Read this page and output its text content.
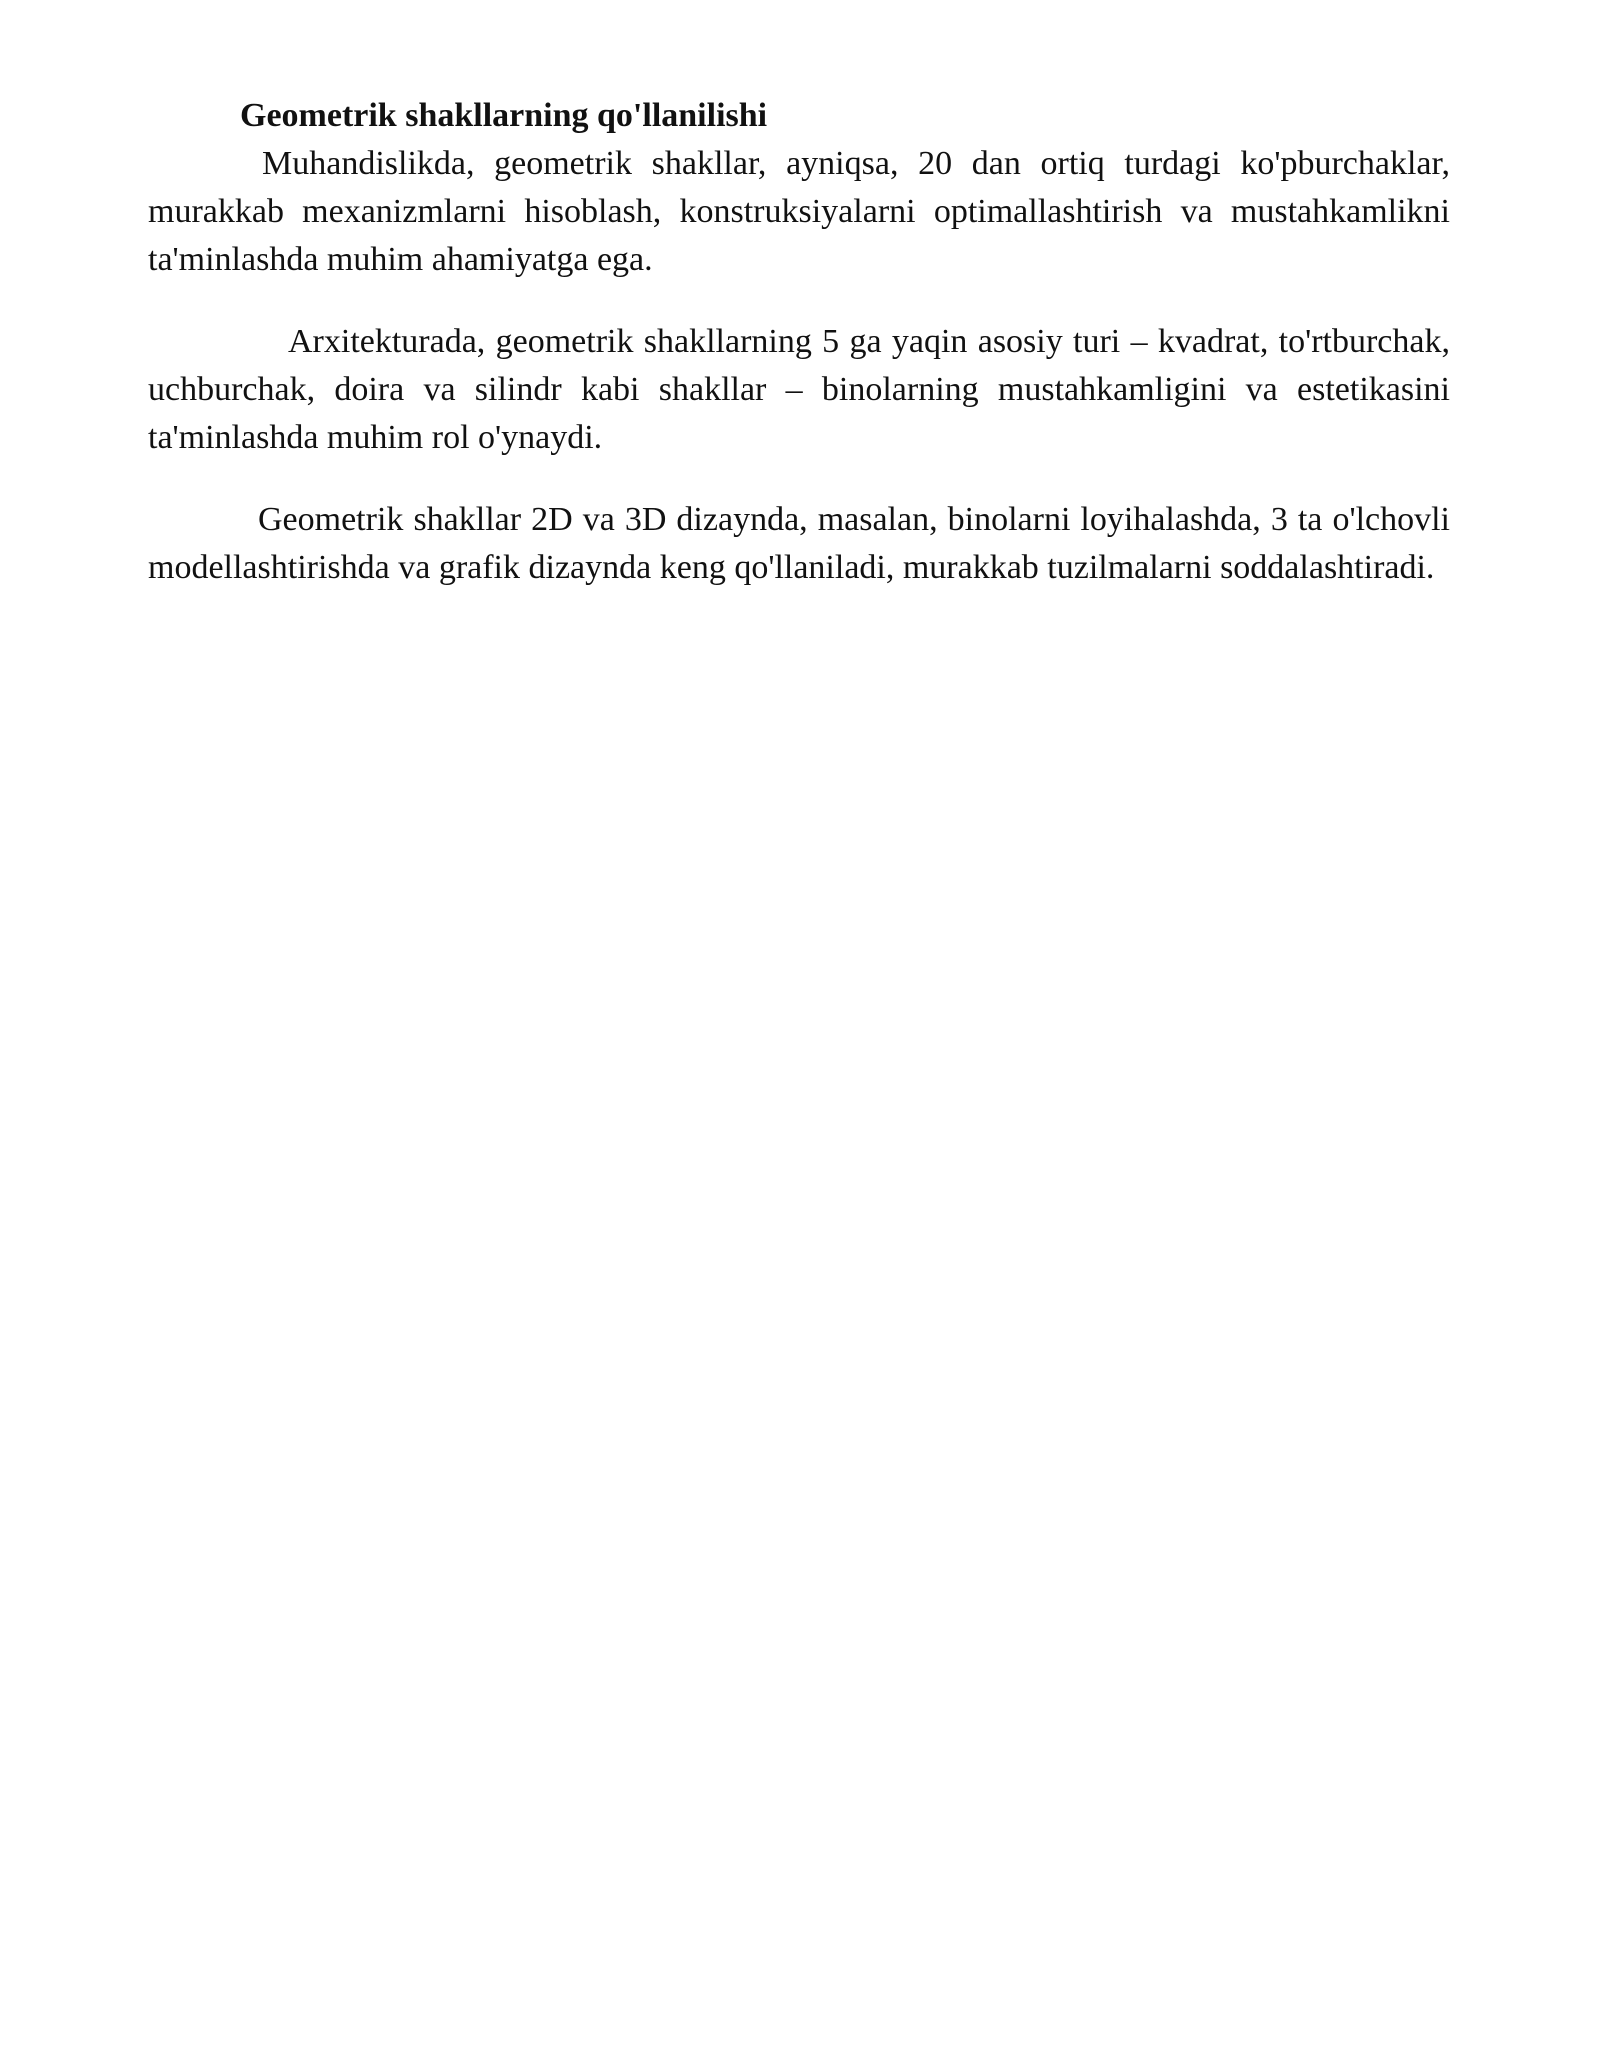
Geometrik shakllarning qo'llanilishi

Muhandislikda, geometrik shakllar, ayniqsa, 20 dan ortiq turdagi ko'pburchaklar, murakkab mexanizmlarni hisoblash, konstruksiyalarni optimallashtirish va mustahkamlikni ta'minlashda muhim ahamiyatga ega.

Arxitekturada, geometrik shakllarning 5 ga yaqin asosiy turi – kvadrat, to'rtburchak, uchburchak, doira va silindr kabi shakllar – binolarning mustahkamligini va estetikasini ta'minlashda muhim rol o'ynaydi.

Geometrik shakllar 2D va 3D dizaynda, masalan, binolarni loyihalashda, 3 ta o'lchovli modellashtirishda va grafik dizaynda keng qo'llaniladi, murakkab tuzilmalarni soddalashtiradi.
